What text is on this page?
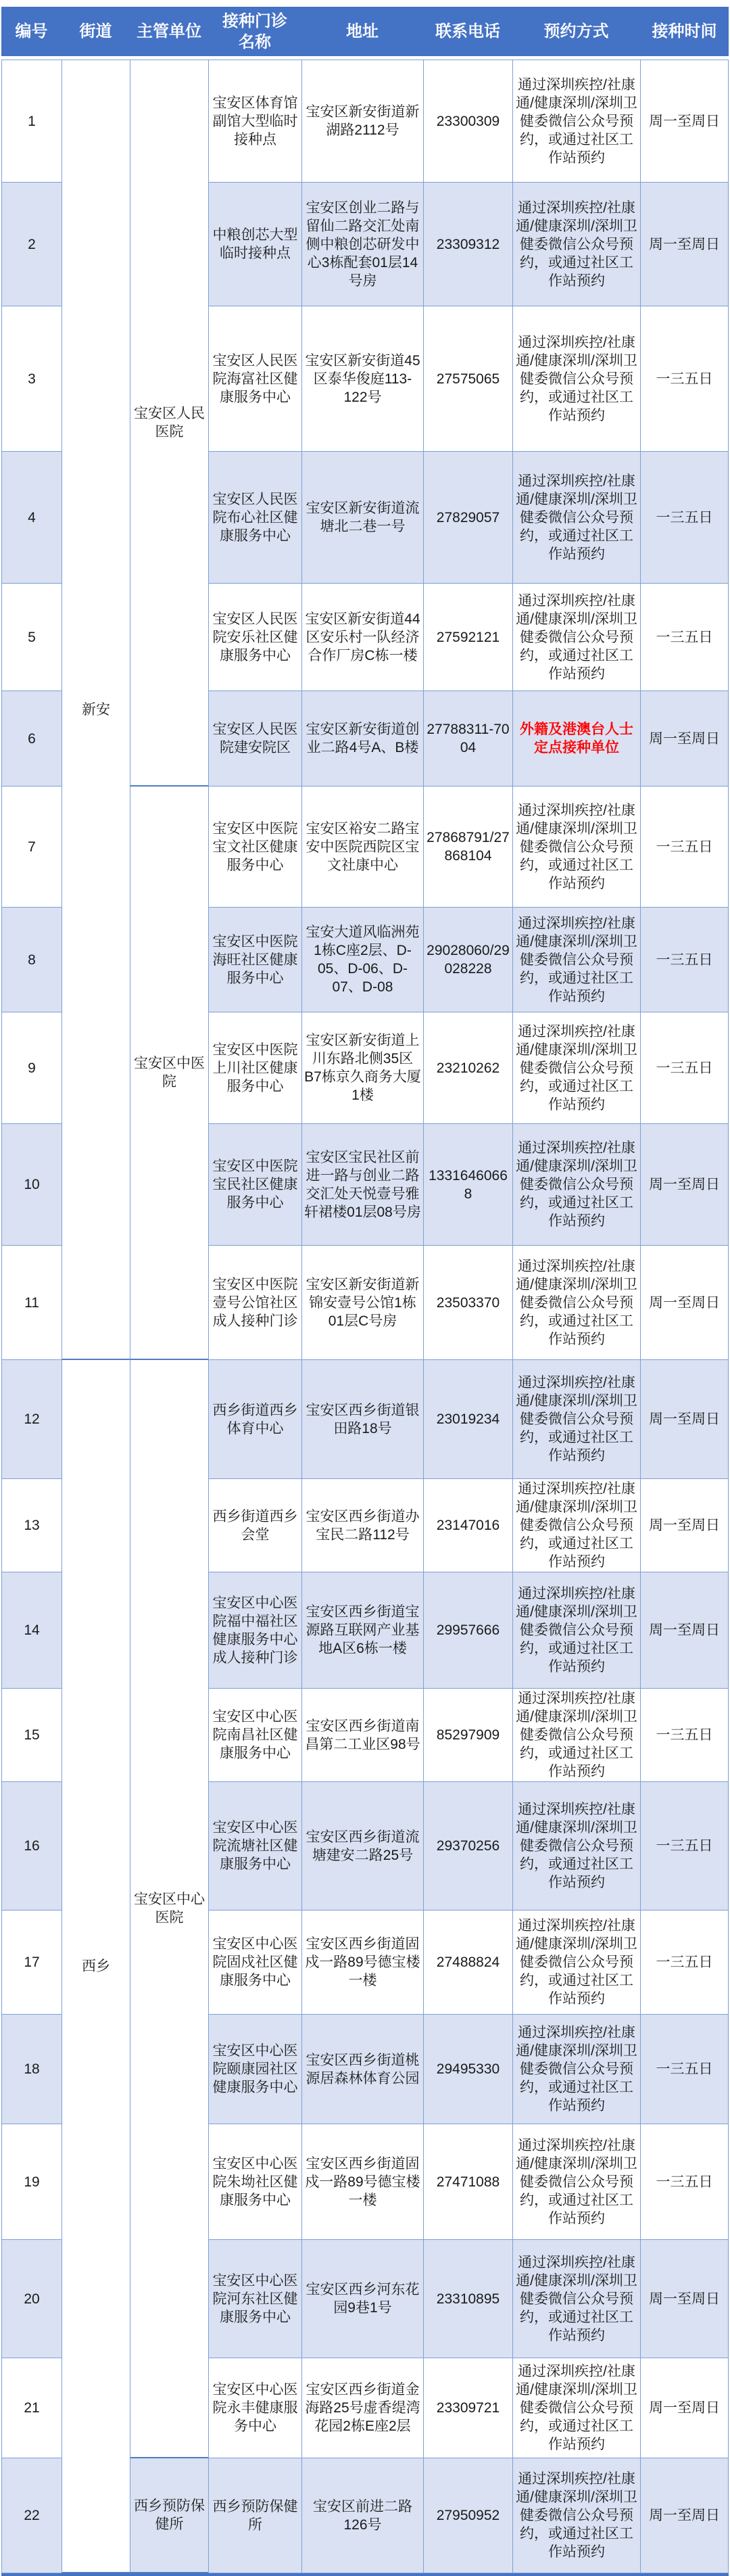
编号	街道	主管单位	接种门诊名称	地址	联系电话	预约方式	接种时间

1	新安	宝安区人民医院	宝安区体育馆副馆大型临时接种点	宝安区新安街道新湖路2112号	23300309	通过深圳疾控/社康通/健康深圳/深圳卫健委微信公众号预约，或通过社区工作站预约	周一至周日
2			中粮创芯大型临时接种点	宝安区创业二路与留仙二路交汇处南侧中粮创芯研发中心3栋配套01层14号房	23309312	通过深圳疾控/社康通/健康深圳/深圳卫健委微信公众号预约，或通过社区工作站预约	周一至周日
3			宝安区人民医院海富社区健康服务中心	宝安区新安街道45区泰华俊庭113-122号	27575065	通过深圳疾控/社康通/健康深圳/深圳卫健委微信公众号预约，或通过社区工作站预约	一三五日
4			宝安区人民医院布心社区健康服务中心	宝安区新安街道流塘北二巷一号	27829057	通过深圳疾控/社康通/健康深圳/深圳卫健委微信公众号预约，或通过社区工作站预约	一三五日
5			宝安区人民医院安乐社区健康服务中心	宝安区新安街道44区安乐村一队经济合作厂房C栋一楼	27592121	通过深圳疾控/社康通/健康深圳/深圳卫健委微信公众号预约，或通过社区工作站预约	一三五日
6			宝安区人民医院建安院区	宝安区新安街道创业二路4号A、B楼	27788311-7004	外籍及港澳台人士定点接种单位	周一至周日
7		宝安区中医院	宝安区中医院宝文社区健康服务中心	宝安区裕安二路宝安中医院西院区宝文社康中心	27868791/27868104	通过深圳疾控/社康通/健康深圳/深圳卫健委微信公众号预约，或通过社区工作站预约	一三五日
8			宝安区中医院海旺社区健康服务中心	宝安大道风临洲苑1栋C座2层、D-05、D-06、D-07、D-08	29028060/29028228	通过深圳疾控/社康通/健康深圳/深圳卫健委微信公众号预约，或通过社区工作站预约	一三五日
9			宝安区中医院上川社区健康服务中心	宝安区新安街道上川东路北侧35区B7栋京久商务大厦1楼	23210262	通过深圳疾控/社康通/健康深圳/深圳卫健委微信公众号预约，或通过社区工作站预约	一三五日
10			宝安区中医院宝民社区健康服务中心	宝安区宝民社区前进一路与创业二路交汇处天悦壹号雅轩裙楼01层08号房	13316460668	通过深圳疾控/社康通/健康深圳/深圳卫健委微信公众号预约，或通过社区工作站预约	周一至周日
11			宝安区中医院壹号公馆社区成人接种门诊	宝安区新安街道新锦安壹号公馆1栋01层C号房	23503370	通过深圳疾控/社康通/健康深圳/深圳卫健委微信公众号预约，或通过社区工作站预约	周一至周日
12	西乡	宝安区中心医院	西乡街道西乡体育中心	宝安区西乡街道银田路18号	23019234	通过深圳疾控/社康通/健康深圳/深圳卫健委微信公众号预约，或通过社区工作站预约	周一至周日
13			西乡街道西乡会堂	宝安区西乡街道办宝民二路112号	23147016	通过深圳疾控/社康通/健康深圳/深圳卫健委微信公众号预约，或通过社区工作站预约	周一至周日
14			宝安区中心医院福中福社区健康服务中心成人接种门诊	宝安区西乡街道宝源路互联网产业基地A区6栋一楼	29957666	通过深圳疾控/社康通/健康深圳/深圳卫健委微信公众号预约，或通过社区工作站预约	周一至周日
15			宝安区中心医院南昌社区健康服务中心	宝安区西乡街道南昌第二工业区98号	85297909	通过深圳疾控/社康通/健康深圳/深圳卫健委微信公众号预约，或通过社区工作站预约	一三五日
16			宝安区中心医院流塘社区健康服务中心	宝安区西乡街道流塘建安二路25号	29370256	通过深圳疾控/社康通/健康深圳/深圳卫健委微信公众号预约，或通过社区工作站预约	一三五日
17			宝安区中心医院固戍社区健康服务中心	宝安区西乡街道固戍一路89号德宝楼一楼	27488824	通过深圳疾控/社康通/健康深圳/深圳卫健委微信公众号预约，或通过社区工作站预约	一三五日
18			宝安区中心医院颐康园社区健康服务中心	宝安区西乡街道桃源居森林体育公园	29495330	通过深圳疾控/社康通/健康深圳/深圳卫健委微信公众号预约，或通过社区工作站预约	一三五日
19			宝安区中心医院朱坳社区健康服务中心	宝安区西乡街道固戍一路89号德宝楼一楼	27471088	通过深圳疾控/社康通/健康深圳/深圳卫健委微信公众号预约，或通过社区工作站预约	一三五日
20			宝安区中心医院河东社区健康服务中心	宝安区西乡河东花园9巷1号	23310895	通过深圳疾控/社康通/健康深圳/深圳卫健委微信公众号预约，或通过社区工作站预约	周一至周日
21			宝安区中心医院永丰健康服务中心	宝安区西乡街道金海路25号虚香缇湾花园2栋E座2层	23309721	通过深圳疾控/社康通/健康深圳/深圳卫健委微信公众号预约，或通过社区工作站预约	周一至周日
22		西乡预防保健所	西乡预防保健所	宝安区前进二路126号	27950952	通过深圳疾控/社康通/健康深圳/深圳卫健委微信公众号预约，或通过社区工作站预约	周一至周日
